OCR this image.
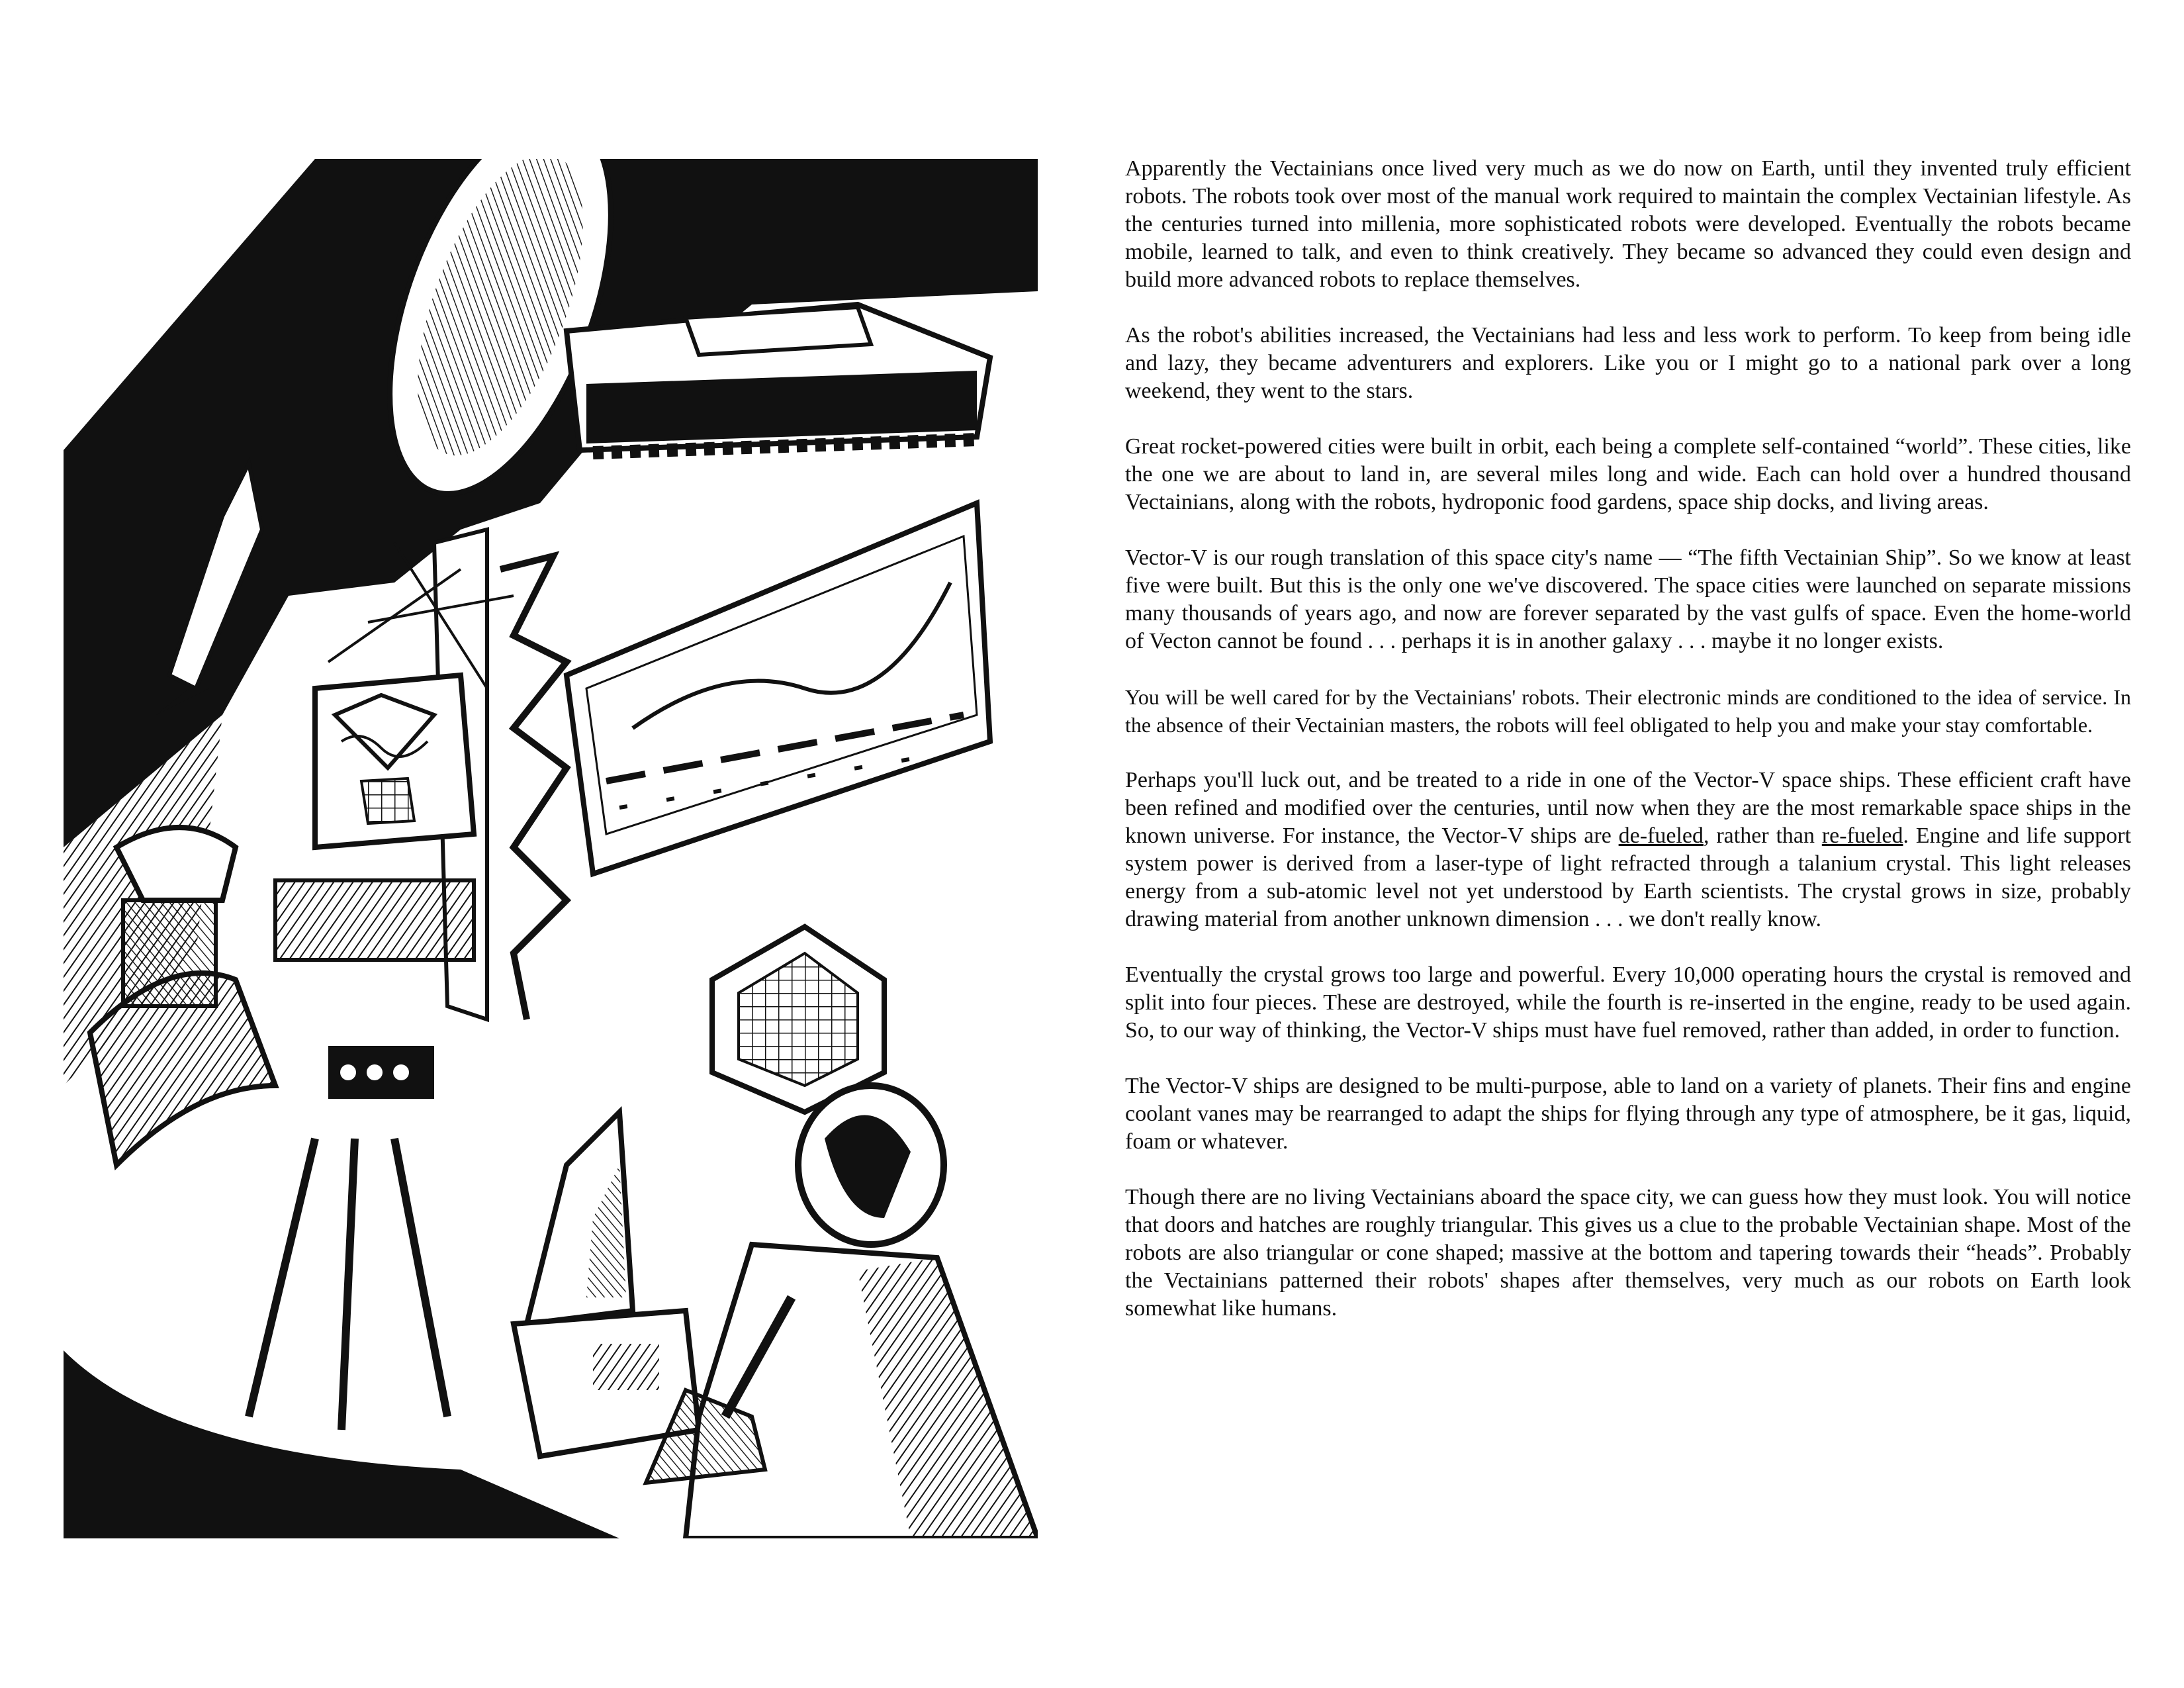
Apparently the Vectainians once lived very much as we do now on Earth, until they invented truly efficient robots. The robots took over most of the manual work required to maintain the complex Vectainian lifestyle. As the centuries turned into millenia, more sophisticated robots were developed. Eventually the robots became mobile, learned to talk, and even to think creatively. They became so advanced they could even design and build more advanced robots to replace themselves.

As the robot's abilities increased, the Vectainians had less and less work to perform. To keep from being idle and lazy, they became adventurers and explorers. Like you or I might go to a national park over a long weekend, they went to the stars.

Great rocket-powered cities were built in orbit, each being a complete self-contained “world”. These cities, like the one we are about to land in, are several miles long and wide. Each can hold over a hundred thousand Vectainians, along with the robots, hydroponic food gardens, space ship docks, and living areas.

Vector-V is our rough translation of this space city's name — “The fifth Vectainian Ship”. So we know at least five were built. But this is the only one we've discovered. The space cities were launched on separate missions many thousands of years ago, and now are forever separated by the vast gulfs of space. Even the home-world of Vecton cannot be found . . . perhaps it is in another galaxy . . . maybe it no longer exists.

You will be well cared for by the Vectainians' robots. Their electronic minds are conditioned to the idea of service. In the absence of their Vectainian masters, the robots will feel obligated to help you and make your stay comfortable.

Perhaps you'll luck out, and be treated to a ride in one of the Vector-V space ships. These efficient craft have been refined and modified over the centuries, until now when they are the most remarkable space ships in the known universe. For instance, the Vector-V ships are de-fueled, rather than re-fueled. Engine and life support system power is derived from a laser-type of light refracted through a talanium crystal. This light releases energy from a sub-atomic level not yet understood by Earth scientists. The crystal grows in size, probably drawing material from another unknown dimension . . . we don't really know.

Eventually the crystal grows too large and powerful. Every 10,000 operating hours the crystal is removed and split into four pieces. These are destroyed, while the fourth is re-inserted in the engine, ready to be used again. So, to our way of thinking, the Vector-V ships must have fuel removed, rather than added, in order to function.

The Vector-V ships are designed to be multi-purpose, able to land on a variety of planets. Their fins and engine coolant vanes may be rearranged to adapt the ships for flying through any type of atmosphere, be it gas, liquid, foam or whatever.

Though there are no living Vectainians aboard the space city, we can guess how they must look. You will notice that doors and hatches are roughly triangular. This gives us a clue to the probable Vectainian shape. Most of the robots are also triangular or cone shaped; massive at the bottom and tapering towards their “heads”. Probably the Vectainians patterned their robots' shapes after themselves, very much as our robots on Earth look somewhat like humans.
